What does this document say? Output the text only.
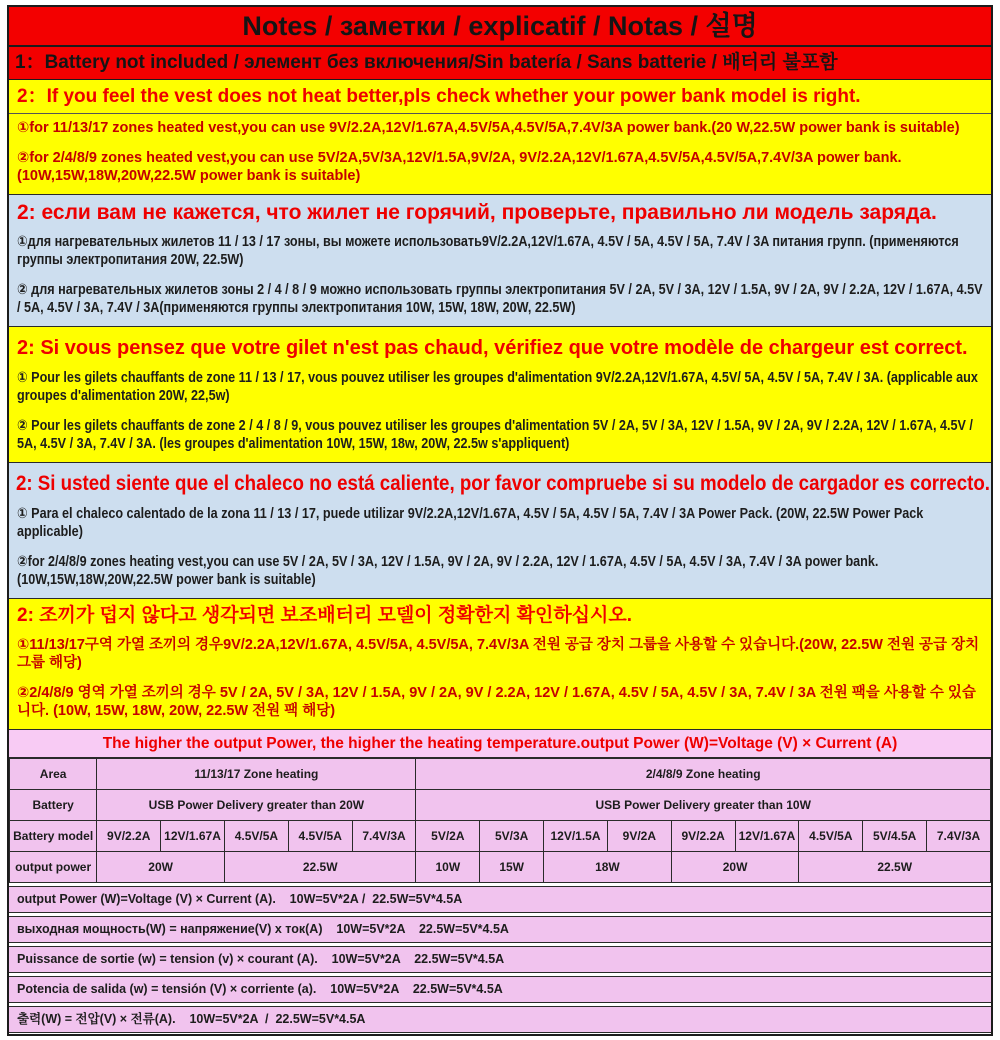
Notes / заметки / explicatif / Notas / 설명
1：Battery not included / элемент без включения/Sin batería / Sans batterie / 배터리 불포함
2：If you feel the vest does not heat better,pls check whether your power bank model is right.

①for 11/13/17 zones heated vest,you can use 9V/2.2A,12V/1.67A,4.5V/5A,4.5V/5A,7.4V/3A power bank.(20 W,22.5W power bank is suitable)

②for 2/4/8/9 zones heated vest,you can use 5V/2A,5V/3A,12V/1.5A,9V/2A, 9V/2.2A,12V/1.67A,4.5V/5A,4.5V/5A,7.4V/3A power bank.(10W,15W,18W,20W,22.5W power bank is suitable)

2: если вам не кажется, что жилет не горячий, проверьте, правильно ли модель заряда.

①для нагревательных жилетов 11 / 13 / 17 зоны, вы можете использовать9V/2.2A,12V/1.67A, 4.5V / 5A, 4.5V / 5A, 7.4V / 3A питания групп. (применяются группы электропитания 20W, 22.5W)

② для нагревательных жилетов зоны 2 / 4 / 8 / 9 можно использовать группы электропитания 5V / 2A, 5V / 3A, 12V / 1.5A, 9V / 2A, 9V / 2.2A, 12V / 1.67A, 4.5V / 5A, 4.5V / 3A, 7.4V / 3A(применяются группы электропитания 10W, 15W, 18W, 20W, 22.5W)

2: Si vous pensez que votre gilet n'est pas chaud, vérifiez que votre modèle de chargeur est correct.

① Pour les gilets chauffants de zone 11 / 13 / 17, vous pouvez utiliser les groupes d'alimentation 9V/2.2A,12V/1.67A, 4.5V/ 5A, 4.5V / 5A, 7.4V / 3A. (applicable aux groupes d'alimentation 20W, 22,5w)

② Pour les gilets chauffants de zone 2 / 4 / 8 / 9, vous pouvez utiliser les groupes d'alimentation 5V / 2A, 5V / 3A, 12V / 1.5A, 9V / 2A, 9V / 2.2A, 12V / 1.67A, 4.5V / 5A, 4.5V / 3A, 7.4V / 3A. (les groupes d'alimentation 10W, 15W, 18w, 20W, 22.5w s'appliquent)

2: Si usted siente que el chaleco no está caliente, por favor compruebe si su modelo de cargador es correcto.

① Para el chaleco calentado de la zona 11 / 13 / 17, puede utilizar 9V/2.2A,12V/1.67A, 4.5V / 5A, 4.5V / 5A, 7.4V / 3A Power Pack. (20W, 22.5W Power Pack applicable)

②for 2/4/8/9 zones heating vest,you can use 5V / 2A, 5V / 3A, 12V / 1.5A, 9V / 2A, 9V / 2.2A, 12V / 1.67A, 4.5V / 5A, 4.5V / 3A, 7.4V / 3A power bank.(10W,15W,18W,20W,22.5W power bank is suitable)

2: 조끼가 덥지 않다고 생각되면 보조배터리 모델이 정확한지 확인하십시오.

①11/13/17구역 가열 조끼의 경우9V/2.2A,12V/1.67A, 4.5V/5A, 4.5V/5A, 7.4V/3A 전원 공급 장치 그룹을 사용할 수 있습니다.(20W, 22.5W 전원 공급 장치 그룹 해당)

②2/4/8/9 영역 가열 조끼의 경우 5V / 2A, 5V / 3A, 12V / 1.5A, 9V / 2A, 9V / 2.2A, 12V / 1.67A, 4.5V / 5A, 4.5V / 3A, 7.4V / 3A 전원 팩을 사용할 수 있습니다. (10W, 15W, 18W, 20W, 22.5W 전원 팩 해당)

The higher the output Power, the higher the heating temperature.output Power (W)=Voltage (V) × Current (A)
Area	11/13/17 Zone heating					2/4/8/9 Zone heating								
Battery	USB Power Delivery greater than 20W					USB Power Delivery greater than 10W								
Battery model	9V/2.2A	12V/1.67A	4.5V/5A	4.5V/5A	7.4V/3A	5V/2A	5V/3A	12V/1.5A	9V/2A	9V/2.2A	12V/1.67A	4.5V/5A	5V/4.5A	7.4V/3A
output power	20W		22.5W			10W	15W	18W		20W		22.5W		
output Power (W)=Voltage (V) × Current (A).    10W=5V*2A /  22.5W=5V*4.5A
выходная мощность(W) = напряжение(V) x ток(A)    10W=5V*2A    22.5W=5V*4.5A
Puissance de sortie (w) = tension (v) × courant (A).    10W=5V*2A    22.5W=5V*4.5A
Potencia de salida (w) = tensión (V) × corriente (a).    10W=5V*2A    22.5W=5V*4.5A
출력(W) = 전압(V) × 전류(A).    10W=5V*2A  /  22.5W=5V*4.5A
